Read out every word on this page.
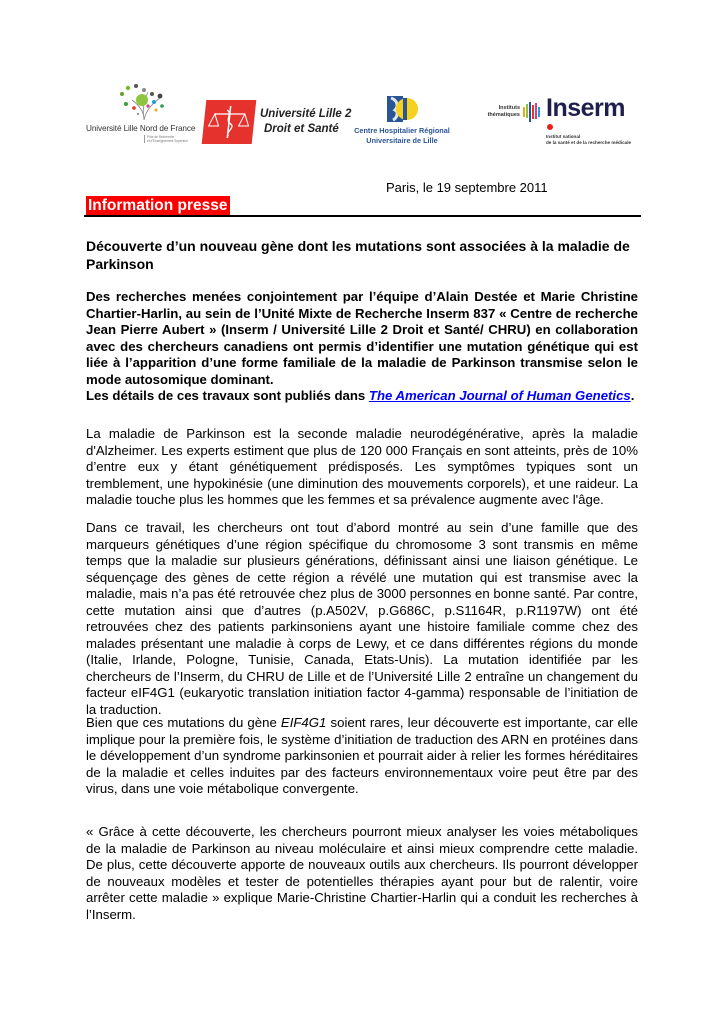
Université Lille Nord de France
Pôle de Recherche
et d'Enseignement Supérieur
Université Lille 2
Droit et Santé	Centre Hospitalier Régional
Universitaire de Lille
Instituts
thématiques Inserm
Institut national
de la santé et de la recherche médicale
Paris, le 19 septembre 2011
Information presse
Découverte d’un nouveau gène dont les mutations sont associées à la maladie de Parkinson

Des recherches menées conjointement par l’équipe d’Alain Destée et Marie Christine Chartier-Harlin, au sein de l’Unité Mixte de Recherche Inserm 837 « Centre de recherche Jean Pierre Aubert » (Inserm / Université Lille 2 Droit et Santé/ CHRU) en collaboration avec des chercheurs canadiens ont permis d’identifier une mutation génétique qui est liée à l’apparition d’une forme familiale de la maladie de Parkinson transmise selon le mode autosomique dominant.

Les détails de ces travaux sont publiés dans The American Journal of Human Genetics.

La maladie de Parkinson est la seconde maladie neurodégénérative, après la maladie d'Alzheimer. Les experts estiment que plus de 120 000 Français en sont atteints, près de 10% d’entre eux y étant génétiquement prédisposés. Les symptômes typiques sont un tremblement, une hypokinésie (une diminution des mouvements corporels), et une raideur. La maladie touche plus les hommes que les femmes et sa prévalence augmente avec l'âge.

Dans ce travail, les chercheurs ont tout d’abord montré au sein d’une famille que des marqueurs génétiques d’une région spécifique du chromosome 3 sont transmis en même temps que la maladie sur plusieurs générations, définissant ainsi une liaison génétique. Le séquençage des gènes de cette région a révélé une mutation qui est transmise avec la maladie, mais n’a pas été retrouvée chez plus de 3000 personnes en bonne santé. Par contre, cette mutation ainsi que d’autres (p.A502V, p.G686C, p.S1164R, p.R1197W) ont été retrouvées chez des patients parkinsoniens ayant une histoire familiale comme chez des malades présentant une maladie à corps de Lewy, et ce dans différentes régions du monde (Italie, Irlande, Pologne, Tunisie, Canada, Etats-Unis). La mutation identifiée par les chercheurs de l’Inserm, du CHRU de Lille et de l’Université Lille 2 entraîne un changement du facteur eIF4G1 (eukaryotic translation initiation factor 4-gamma) responsable de l’initiation de la traduction.

Bien que ces mutations du gène EIF4G1 soient rares, leur découverte est importante, car elle implique pour la première fois, le système d’initiation de traduction des ARN en protéines dans le développement d’un syndrome parkinsonien et pourrait aider à relier les formes héréditaires de la maladie et celles induites par des facteurs environnementaux voire peut être par des virus, dans une voie métabolique convergente.

« Grâce à cette découverte, les chercheurs pourront mieux analyser les voies métaboliques de la maladie de Parkinson au niveau moléculaire et ainsi mieux comprendre cette maladie. De plus, cette découverte apporte de nouveaux outils aux chercheurs. Ils pourront développer de nouveaux modèles et tester de potentielles thérapies ayant pour but de ralentir, voire arrêter cette maladie » explique Marie-Christine Chartier-Harlin qui a conduit les recherches à l’Inserm.
